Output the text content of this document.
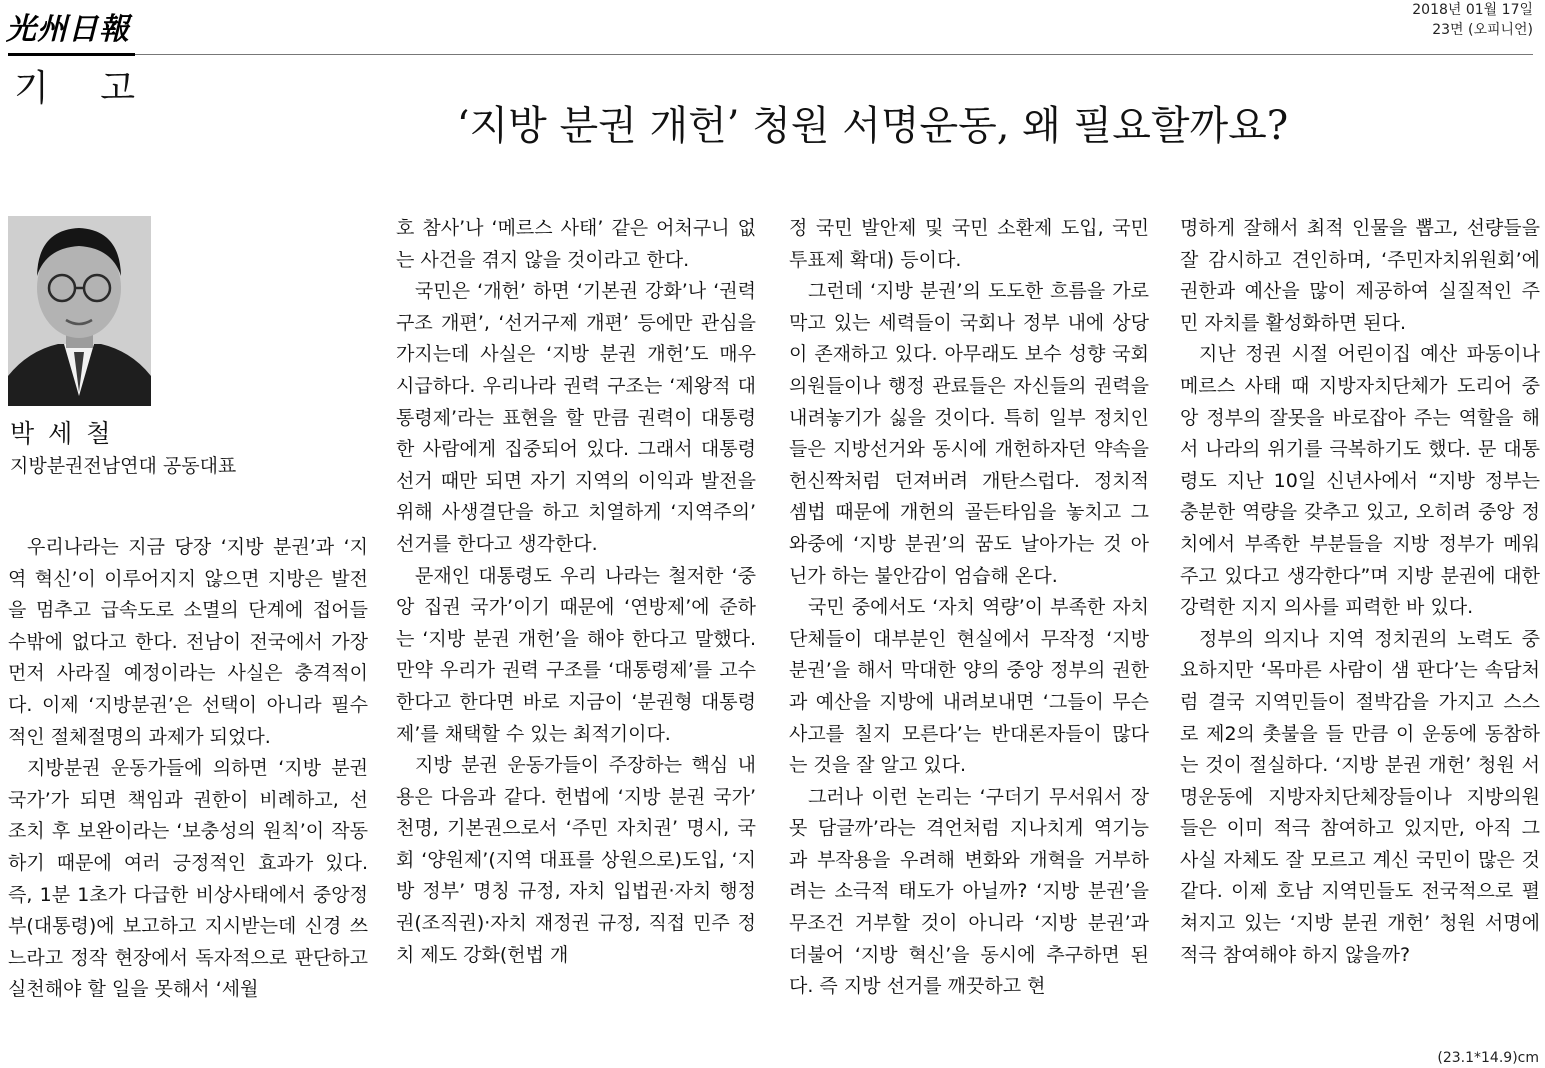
光州日報
2018년 01월 17일
23면 (오피니언)
기 고
‘지방 분권 개헌’ 청원 서명운동, 왜 필요할까요?
박 세 철
지방분권전남연대 공동대표

우리나라는 지금 당장 ‘지방 분권’과 ‘지역 혁신’이 이루어지지 않으면 지방은 발전을 멈추고 급속도로 소멸의 단계에 접어들 수밖에 없다고 한다. 전남이 전국에서 가장 먼저 사라질 예정이라는 사실은 충격적이다. 이제 ‘지방분권’은 선택이 아니라 필수적인 절체절명의 과제가 되었다.

지방분권 운동가들에 의하면 ‘지방 분권 국가’가 되면 책임과 권한이 비례하고, 선 조치 후 보완이라는 ‘보충성의 원칙’이 작동하기 때문에 여러 긍정적인 효과가 있다. 즉, 1분 1초가 다급한 비상사태에서 중앙정부(대통령)에 보고하고 지시받는데 신경 쓰느라고 정작 현장에서 독자적으로 판단하고 실천해야 할 일을 못해서 ‘세월

호 참사’나 ‘메르스 사태’ 같은 어처구니 없는 사건을 겪지 않을 것이라고 한다.

국민은 ‘개헌’ 하면 ‘기본권 강화’나 ‘권력 구조 개편’, ‘선거구제 개편’ 등에만 관심을 가지는데 사실은 ‘지방 분권 개헌’도 매우 시급하다. 우리나라 권력 구조는 ‘제왕적 대통령제’라는 표현을 할 만큼 권력이 대통령 한 사람에게 집중되어 있다. 그래서 대통령 선거 때만 되면 자기 지역의 이익과 발전을 위해 사생결단을 하고 치열하게 ‘지역주의’ 선거를 한다고 생각한다.

문재인 대통령도 우리 나라는 철저한 ‘중앙 집권 국가’이기 때문에 ‘연방제’에 준하는 ‘지방 분권 개헌’을 해야 한다고 말했다. 만약 우리가 권력 구조를 ‘대통령제’를 고수한다고 한다면 바로 지금이 ‘분권형 대통령제’를 채택할 수 있는 최적기이다.

지방 분권 운동가들이 주장하는 핵심 내용은 다음과 같다. 헌법에 ‘지방 분권 국가’ 천명, 기본권으로서 ‘주민 자치권’ 명시, 국회 ‘양원제’(지역 대표를 상원으로)도입, ‘지방 정부’ 명칭 규정, 자치 입법권·자치 행정권(조직권)·자치 재정권 규정, 직접 민주 정치 제도 강화(헌법 개

정 국민 발안제 및 국민 소환제 도입, 국민 투표제 확대) 등이다.

그런데 ‘지방 분권’의 도도한 흐름을 가로 막고 있는 세력들이 국회나 정부 내에 상당이 존재하고 있다. 아무래도 보수 성향 국회의원들이나 행정 관료들은 자신들의 권력을 내려놓기가 싫을 것이다. 특히 일부 정치인들은 지방선거와 동시에 개헌하자던 약속을 헌신짝처럼 던져버려 개탄스럽다. 정치적 셈법 때문에 개헌의 골든타임을 놓치고 그 와중에 ‘지방 분권’의 꿈도 날아가는 것 아닌가 하는 불안감이 엄습해 온다.

국민 중에서도 ‘자치 역량’이 부족한 자치단체들이 대부분인 현실에서 무작정 ‘지방 분권’을 해서 막대한 양의 중앙 정부의 권한과 예산을 지방에 내려보내면 ‘그들이 무슨 사고를 칠지 모른다’는 반대론자들이 많다는 것을 잘 알고 있다.

그러나 이런 논리는 ‘구더기 무서워서 장 못 담글까’라는 격언처럼 지나치게 역기능과 부작용을 우려해 변화와 개혁을 거부하려는 소극적 태도가 아닐까? ‘지방 분권’을 무조건 거부할 것이 아니라 ‘지방 분권’과 더불어 ‘지방 혁신’을 동시에 추구하면 된다. 즉 지방 선거를 깨끗하고 현

명하게 잘해서 최적 인물을 뽑고, 선량들을 잘 감시하고 견인하며, ‘주민자치위원회’에 권한과 예산을 많이 제공하여 실질적인 주민 자치를 활성화하면 된다.

지난 정권 시절 어린이집 예산 파동이나 메르스 사태 때 지방자치단체가 도리어 중앙 정부의 잘못을 바로잡아 주는 역할을 해서 나라의 위기를 극복하기도 했다. 문 대통령도 지난 10일 신년사에서 “지방 정부는 충분한 역량을 갖추고 있고, 오히려 중앙 정치에서 부족한 부분들을 지방 정부가 메워주고 있다고 생각한다”며 지방 분권에 대한 강력한 지지 의사를 피력한 바 있다.

정부의 의지나 지역 정치권의 노력도 중요하지만 ‘목마른 사람이 샘 판다’는 속담처럼 결국 지역민들이 절박감을 가지고 스스로 제2의 촛불을 들 만큼 이 운동에 동참하는 것이 절실하다. ‘지방 분권 개헌’ 청원 서명운동에 지방자치단체장들이나 지방의원들은 이미 적극 참여하고 있지만, 아직 그 사실 자체도 잘 모르고 계신 국민이 많은 것 같다. 이제 호남 지역민들도 전국적으로 펼쳐지고 있는 ‘지방 분권 개헌’ 청원 서명에 적극 참여해야 하지 않을까?

(23.1*14.9)cm
